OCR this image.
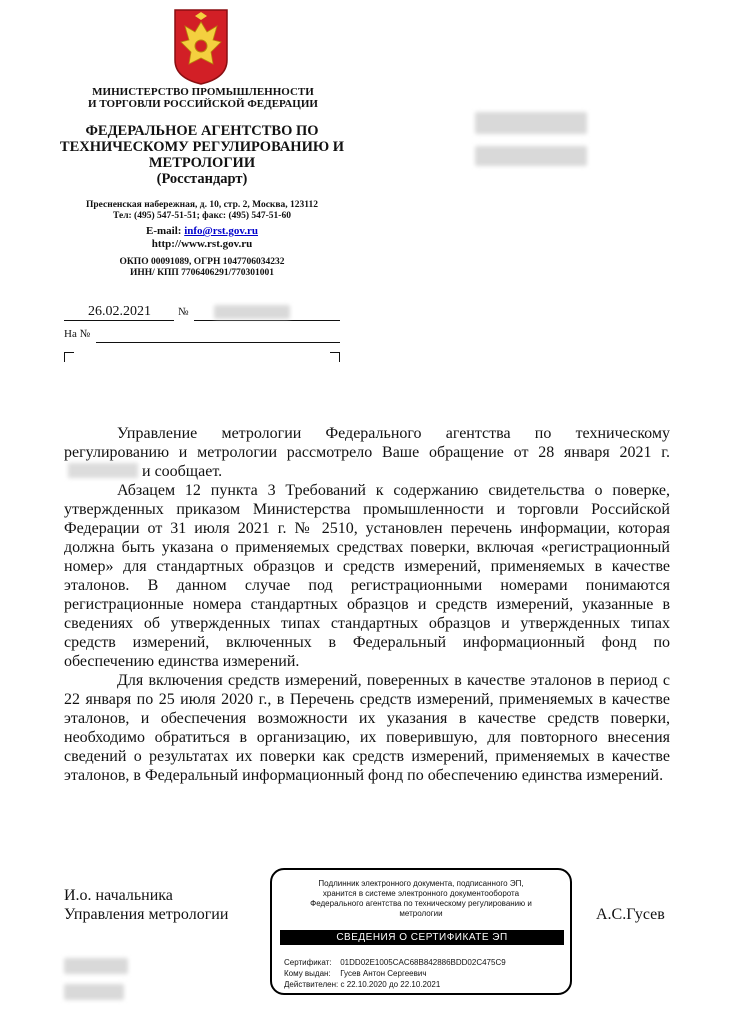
МИНИСТЕРСТВО ПРОМЫШЛЕННОСТИ
И ТОРГОВЛИ РОССИЙСКОЙ ФЕДЕРАЦИИ
ФЕДЕРАЛЬНОЕ АГЕНТСТВО ПО
ТЕХНИЧЕСКОМУ РЕГУЛИРОВАНИЮ И
МЕТРОЛОГИИ
(Росстандарт)
Пресненская набережная, д. 10, стр. 2, Москва, 123112
Тел: (495) 547-51-51; факс: (495) 547-51-60
E-mail: info@rst.gov.ru
http://www.rst.gov.ru
ОКПО 00091089, ОГРН 1047706034232
ИНН/ КПП 7706406291/770301001
26.02.2021 №
На №

Управление метрологии Федерального агентства по техническому регулированию и метрологии рассмотрело Ваше обращение от 28 января 2021 г.и сообщает.

Абзацем 12 пункта 3 Требований к содержанию свидетельства о поверке, утвержденных приказом Министерства промышленности и торговли Российской Федерации от 31 июля 2021 г. № 2510, установлен перечень информации, которая должна быть указана о применяемых средствах поверки, включая «регистрационный номер» для стандартных образцов и средств измерений, применяемых в качестве эталонов. В данном случае под регистрационными номерами понимаются регистрационные номера стандартных образцов и средств измерений, указанные в сведениях об утвержденных типах стандартных образцов и утвержденных типах средств измерений, включенных в Федеральный информационный фонд по обеспечению единства измерений.

Для включения средств измерений, поверенных в качестве эталонов в период с 22 января по 25 июля 2020 г., в Перечень средств измерений, применяемых в качестве эталонов, и обеспечения возможности их указания в качестве средств поверки, необходимо обратиться в организацию, их поверившую, для повторного внесения сведений о результатах их поверки как средств измерений, применяемых в качестве эталонов, в Федеральный информационный фонд по обеспечению единства измерений.

И.о. начальника
Управления метрологии	А.С.Гусев
Подлинник электронного документа, подписанного ЭП,
хранится в системе электронного документооборота
Федерального агентства по техническому регулированию и
метрологии
СВЕДЕНИЯ О СЕРТИФИКАТЕ ЭП
Сертификат: 01DD02E1005CAC68B842886BDD02C475C9
Кому выдан: Гусев Антон Сергеевич
Действителен: с 22.10.2020 до 22.10.2021
